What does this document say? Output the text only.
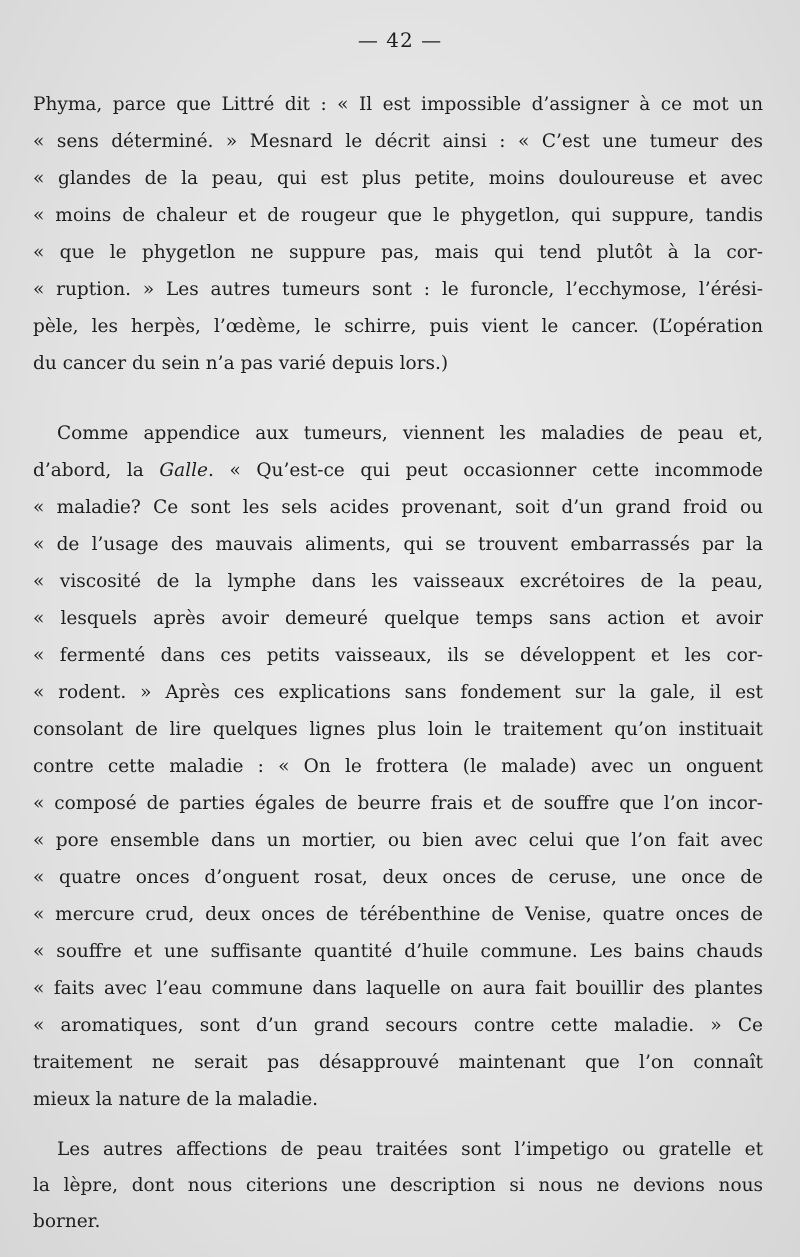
— 42 —
Phyma, parce que Littré dit : « Il est impossible d’assigner à ce mot un
« sens déterminé. » Mesnard le décrit ainsi : « C’est une tumeur des
« glandes de la peau, qui est plus petite, moins douloureuse et avec
« moins de chaleur et de rougeur que le phygetlon, qui suppure, tandis
« que le phygetlon ne suppure pas, mais qui tend plutôt à la cor-
« ruption. » Les autres tumeurs sont : le furoncle, l’ecchymose, l’érési-
pèle, les herpès, l’œdème, le schirre, puis vient le cancer. (L’opération
du cancer du sein n’a pas varié depuis lors.)
Comme appendice aux tumeurs, viennent les maladies de peau et,
d’abord, la Galle. « Qu’est-ce qui peut occasionner cette incommode
« maladie? Ce sont les sels acides provenant, soit d’un grand froid ou
« de l’usage des mauvais aliments, qui se trouvent embarrassés par la
« viscosité de la lymphe dans les vaisseaux excrétoires de la peau,
« lesquels après avoir demeuré quelque temps sans action et avoir
« fermenté dans ces petits vaisseaux, ils se développent et les cor-
« rodent. » Après ces explications sans fondement sur la gale, il est
consolant de lire quelques lignes plus loin le traitement qu’on instituait
contre cette maladie : « On le frottera (le malade) avec un onguent
« composé de parties égales de beurre frais et de souffre que l’on incor-
« pore ensemble dans un mortier, ou bien avec celui que l’on fait avec
« quatre onces d’onguent rosat, deux onces de ceruse, une once de
« mercure crud, deux onces de térébenthine de Venise, quatre onces de
« souffre et une suffisante quantité d’huile commune. Les bains chauds
« faits avec l’eau commune dans laquelle on aura fait bouillir des plantes
« aromatiques, sont d’un grand secours contre cette maladie. » Ce
traitement ne serait pas désapprouvé maintenant que l’on connaît
mieux la nature de la maladie.
Les autres affections de peau traitées sont l’impetigo ou gratelle et
la lèpre, dont nous citerions une description si nous ne devions nous
borner.
